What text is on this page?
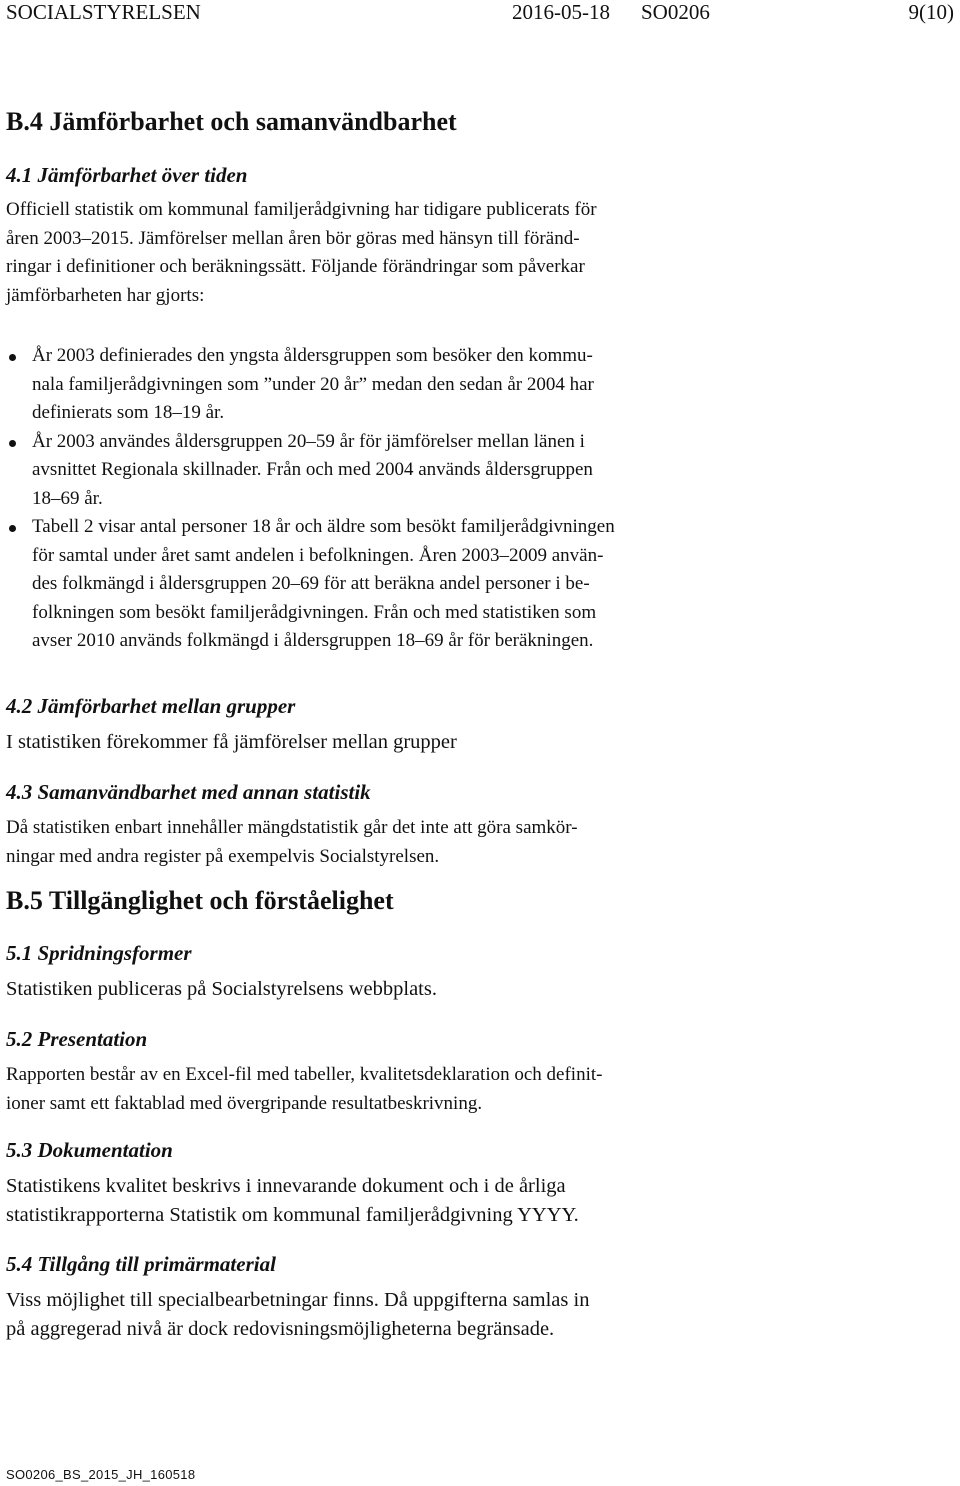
SOCIALSTYRELSEN	2016-05-18 SO0206	9(10)
B.4 Jämförbarhet och samanvändbarhet
4.1 Jämförbarhet över tiden

Officiell statistik om kommunal familjerådgivning har tidigare publicerats för

åren 2003–2015. Jämförelser mellan åren bör göras med hänsyn till föränd-

ringar i definitioner och beräkningssätt. Följande förändringar som påverkar

jämförbarheten har gjorts:

År 2003 definierades den yngsta åldersgruppen som besöker den kommu-
nala familjerådgivningen som ”under 20 år” medan den sedan år 2004 har
definierats som 18–19 år.
År 2003 användes åldersgruppen 20–59 år för jämförelser mellan länen i
avsnittet Regionala skillnader. Från och med 2004 används åldersgruppen
18–69 år.
Tabell 2 visar antal personer 18 år och äldre som besökt familjerådgivningen
för samtal under året samt andelen i befolkningen. Åren 2003–2009 använ-
des folkmängd i åldersgruppen 20–69 för att beräkna andel personer i be-
folkningen som besökt familjerådgivningen. Från och med statistiken som
avser 2010 används folkmängd i åldersgruppen 18–69 år för beräkningen.
4.2 Jämförbarhet mellan grupper

I statistiken förekommer få jämförelser mellan grupper

4.3 Samanvändbarhet med annan statistik

Då statistiken enbart innehåller mängdstatistik går det inte att göra samkör-

ningar med andra register på exempelvis Socialstyrelsen.

B.5 Tillgänglighet och förståelighet
5.1 Spridningsformer

Statistiken publiceras på Socialstyrelsens webbplats.

5.2 Presentation

Rapporten består av en Excel-fil med tabeller, kvalitetsdeklaration och definit-

ioner samt ett faktablad med övergripande resultatbeskrivning.

5.3 Dokumentation

Statistikens kvalitet beskrivs i innevarande dokument och i de årliga

statistikrapporterna Statistik om kommunal familjerådgivning YYYY.

5.4 Tillgång till primärmaterial

Viss möjlighet till specialbearbetningar finns. Då uppgifterna samlas in

på aggregerad nivå är dock redovisningsmöjligheterna begränsade.

SO0206_BS_2015_JH_160518
